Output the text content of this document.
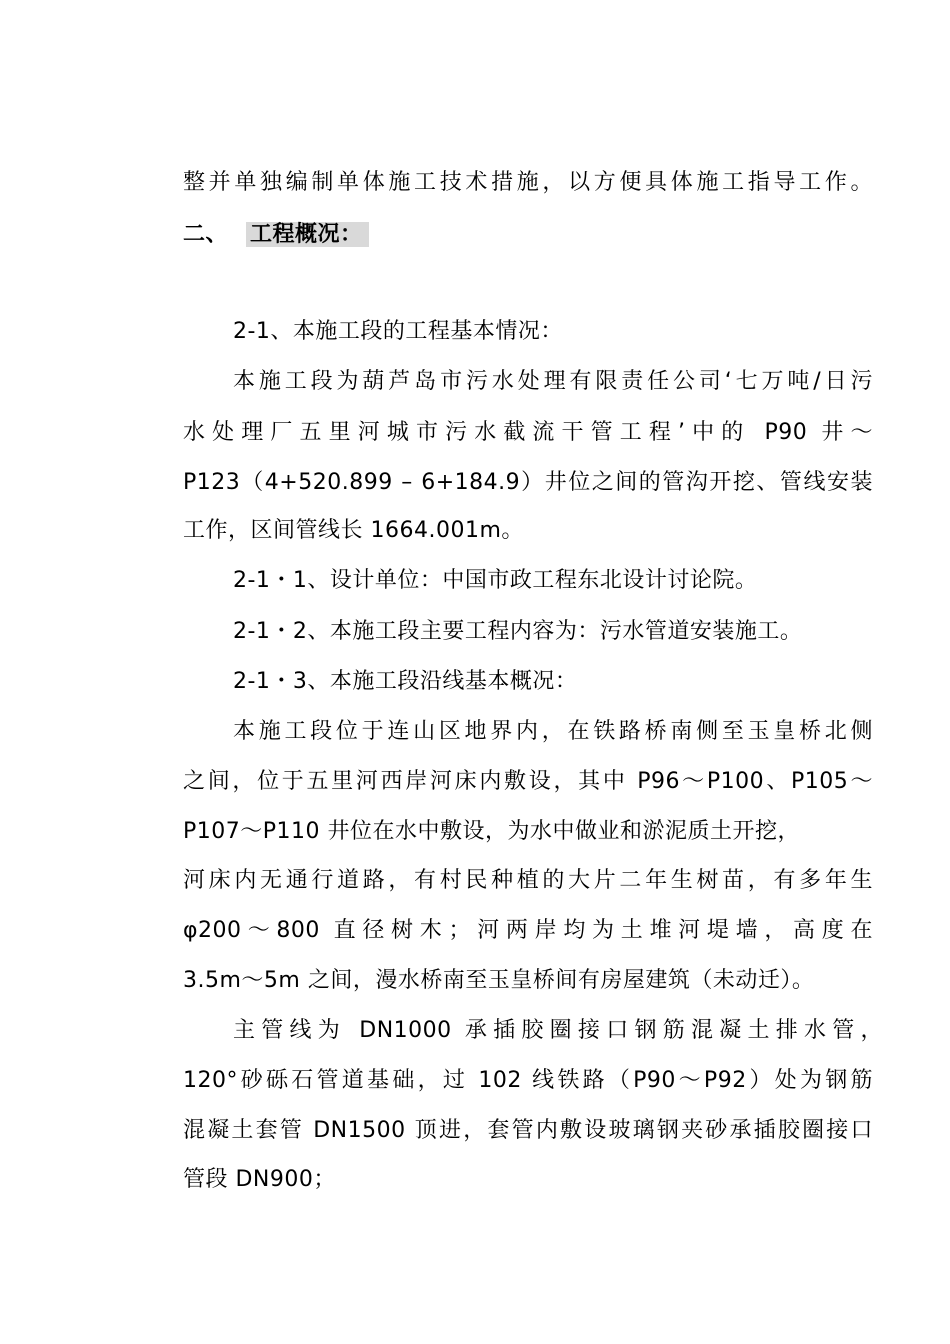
整并单独编制单体施工技术措施，以方便具体施工指导工作。
二、 工程概况：
2-1、本施工段的工程基本情况：
本施工段为葫芦岛市污水处理有限责任公司‘七万吨/日污
水处理厂五里河城市污水截流干管工程’中的 P90 井～
P123（4+520.899 – 6+184.9）井位之间的管沟开挖、管线安装
工作，区间管线长 1664.001m。
2-1・1、设计单位：中国市政工程东北设计讨论院。
2-1・2、本施工段主要工程内容为：污水管道安装施工。
2-1・3、本施工段沿线基本概况：
本施工段位于连山区地界内，在铁路桥南侧至玉皇桥北侧
之间，位于五里河西岸河床内敷设，其中 P96～P100、P105～
P107～P110 井位在水中敷设，为水中做业和淤泥质土开挖，
河床内无通行道路，有村民种植的大片二年生树苗，有多年生
φ200～800 直径树木；河两岸均为土堆河堤墙，高度在
3.5m～5m 之间，漫水桥南至玉皇桥间有房屋建筑（未动迁）。
主管线为 DN1000 承插胶圈接口钢筋混凝土排水管，
120°砂砾石管道基础，过 102 线铁路（P90～P92）处为钢筋
混凝土套管 DN1500 顶进，套管内敷设玻璃钢夹砂承插胶圈接口
管段 DN900；
